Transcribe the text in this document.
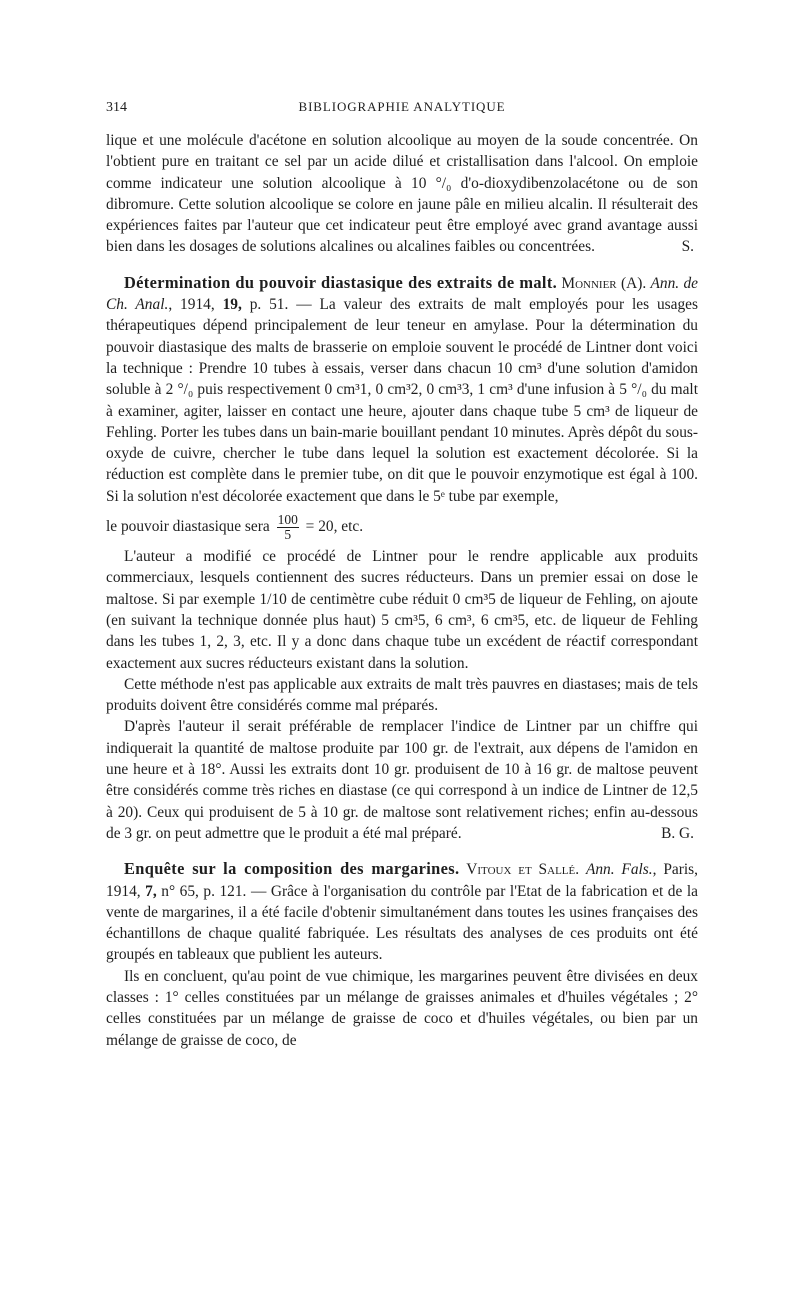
314	BIBLIOGRAPHIE ANALYTIQUE

lique et une molécule d'acétone en solution alcoolique au moyen de la soude concentrée. On l'obtient pure en traitant ce sel par un acide dilué et cristallisation dans l'alcool. On emploie comme indicateur une solution alcoolique à 10 °/₀ d'o-dioxydibenzolacétone ou de son dibromure. Cette solution alcoolique se colore en jaune pâle en milieu alcalin. Il résulterait des expériences faites par l'auteur que cet indicateur peut être employé avec grand avantage aussi bien dans les dosages de solutions alcalines ou alcalines faibles ou concentrées.	S.

Détermination du pouvoir diastasique des extraits de malt. Monnier (A). Ann. de Ch. Anal., 1914, 19, p. 51. — La valeur des extraits de malt employés pour les usages thérapeutiques dépend principalement de leur teneur en amylase. Pour la détermination du pouvoir diastasique des malts de brasserie on emploie souvent le procédé de Lintner dont voici la technique : Prendre 10 tubes à essais, verser dans chacun 10 cm³ d'une solution d'amidon soluble à 2 °/₀ puis respectivement 0 cm³1, 0 cm³2, 0 cm³3, 1 cm³ d'une infusion à 5 °/₀ du malt à examiner, agiter, laisser en contact une heure, ajouter dans chaque tube 5 cm³ de liqueur de Fehling. Porter les tubes dans un bain-marie bouillant pendant 10 minutes. Après dépôt du sous-oxyde de cuivre, chercher le tube dans lequel la solution est exactement décolorée. Si la réduction est complète dans le premier tube, on dit que le pouvoir enzymotique est égal à 100. Si la solution n'est décolorée exactement que dans le 5ᵉ tube par exemple,

le pouvoir diastasique sera $\frac{100}{5} = 20$, etc.

L'auteur a modifié ce procédé de Lintner pour le rendre applicable aux produits commerciaux, lesquels contiennent des sucres réducteurs. Dans un premier essai on dose le maltose. Si par exemple 1/10 de centimètre cube réduit 0 cm³5 de liqueur de Fehling, on ajoute (en suivant la technique donnée plus haut) 5 cm³5, 6 cm³, 6 cm³5, etc. de liqueur de Fehling dans les tubes 1, 2, 3, etc. Il y a donc dans chaque tube un excédent de réactif correspondant exactement aux sucres réducteurs existant dans la solution.

Cette méthode n'est pas applicable aux extraits de malt très pauvres en diastases; mais de tels produits doivent être considérés comme mal préparés.

D'après l'auteur il serait préférable de remplacer l'indice de Lintner par un chiffre qui indiquerait la quantité de maltose produite par 100 gr. de l'extrait, aux dépens de l'amidon en une heure et à 18°. Aussi les extraits dont 10 gr. produisent de 10 à 16 gr. de maltose peuvent être considérés comme très riches en diastase (ce qui correspond à un indice de Lintner de 12,5 à 20). Ceux qui produisent de 5 à 10 gr. de maltose sont relativement riches; enfin au-dessous de 3 gr. on peut admettre que le produit a été mal préparé.	B. G.

Enquête sur la composition des margarines. Vitoux et Sallé. Ann. Fals., Paris, 1914, 7, n° 65, p. 121. — Grâce à l'organisation du contrôle par l'Etat de la fabrication et de la vente de margarines, il a été facile d'obtenir simultanément dans toutes les usines françaises des échantillons de chaque qualité fabriquée. Les résultats des analyses de ces produits ont été groupés en tableaux que publient les auteurs.

Ils en concluent, qu'au point de vue chimique, les margarines peuvent être divisées en deux classes : 1° celles constituées par un mélange de graisses animales et d'huiles végétales ; 2° celles constituées par un mélange de graisse de coco et d'huiles végétales, ou bien par un mélange de graisse de coco, de
